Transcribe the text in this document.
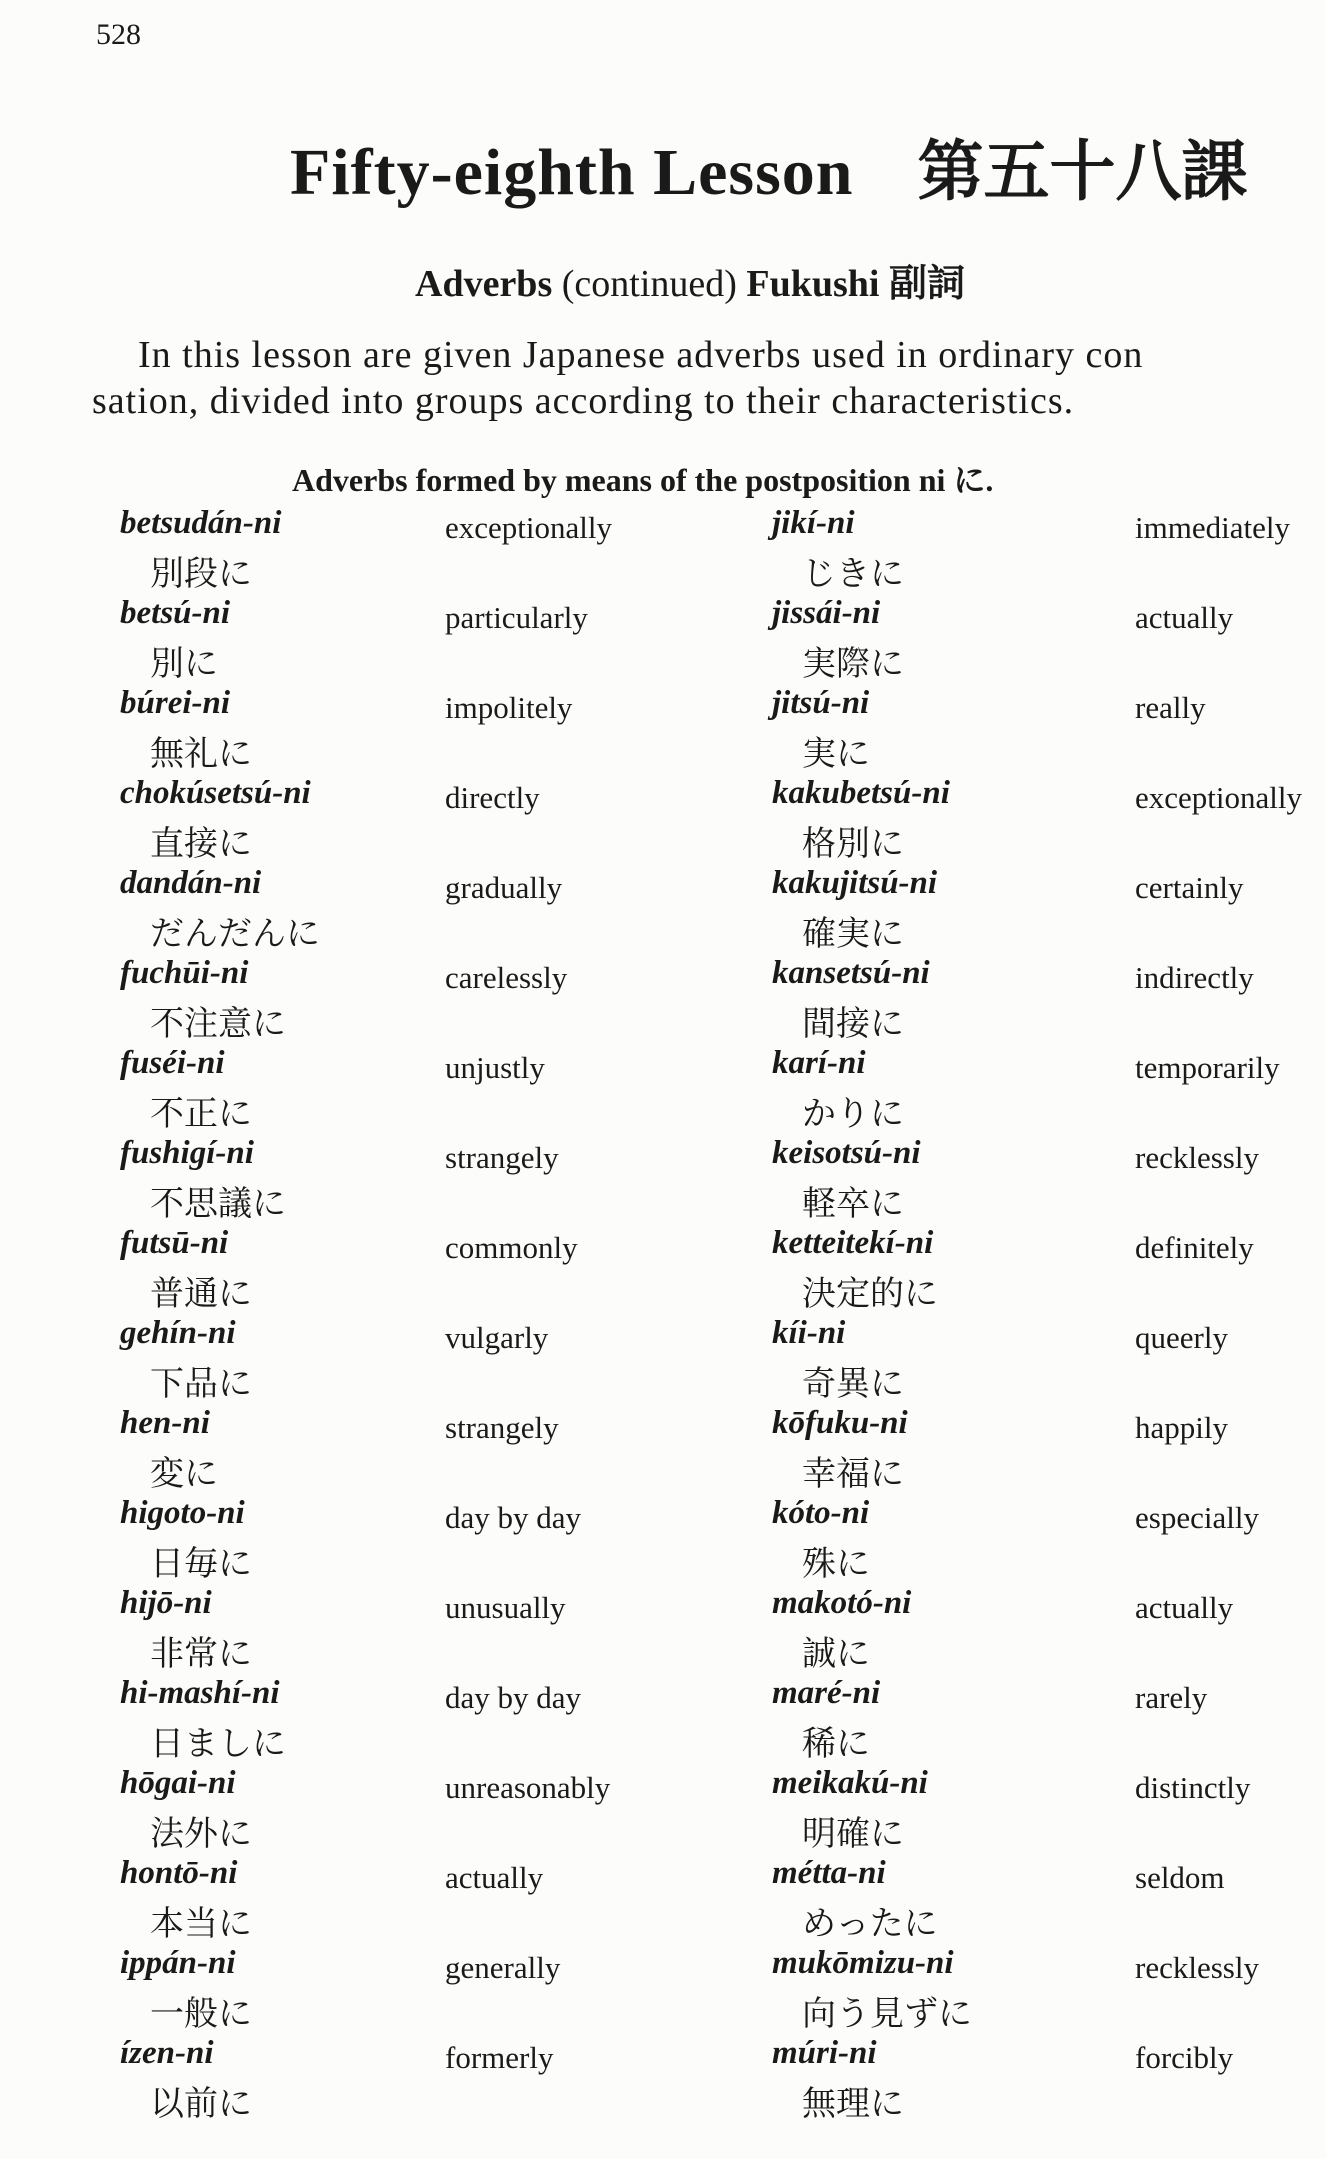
528
Fifty-eighth Lesson 第五十八課
Adverbs (continued) Fukushi 副詞
In this lesson are given Japanese adverbs used in ordinary con
sation, divided into groups according to their characteristics.
Adverbs formed by means of the postposition ni に.
betsudán-ni
別段に
exceptionally
betsú-ni
別に
particularly
búrei-ni
無礼に
impolitely
chokúsetsú-ni
直接に
directly
dandán-ni
だんだんに
gradually
fuchūi-ni
不注意に
carelessly
fuséi-ni
不正に
unjustly
fushigí-ni
不思議に
strangely
futsū-ni
普通に
commonly
gehín-ni
下品に
vulgarly
hen-ni
変に
strangely
higoto-ni
日毎に
day by day
hijō-ni
非常に
unusually
hi-mashí-ni
日ましに
day by day
hōgai-ni
法外に
unreasonably
hontō-ni
本当に
actually
ippán-ni
一般に
generally
ízen-ni
以前に
formerly
jikí-ni
じきに
immediately
jissái-ni
実際に
actually
jitsú-ni
実に
really
kakubetsú-ni
格別に
exceptionally
kakujitsú-ni
確実に
certainly
kansetsú-ni
間接に
indirectly
karí-ni
かりに
temporarily
keisotsú-ni
軽卒に
recklessly
ketteitekí-ni
決定的に
definitely
kíi-ni
奇異に
queerly
kōfuku-ni
幸福に
happily
kóto-ni
殊に
especially
makotó-ni
誠に
actually
maré-ni
稀に
rarely
meikakú-ni
明確に
distinctly
métta-ni
めったに
seldom
mukōmizu-ni
向う見ずに
recklessly
múri-ni
無理に
forcibly
